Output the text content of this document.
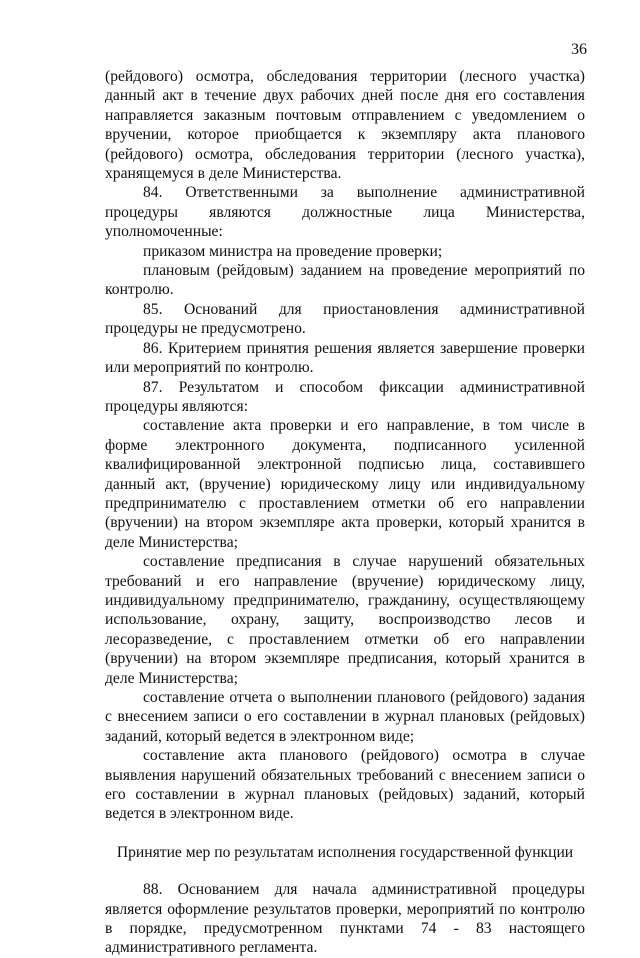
36

(рейдового) осмотра, обследования территории (лесного участка) данный акт в течение двух рабочих дней после дня его составления направляется заказным почтовым отправлением с уведомлением о вручении, которое приобщается к экземпляру акта планового (рейдового) осмотра, обследования территории (лесного участка), хранящемуся в деле Министерства.

84. Ответственными за выполнение административной процедуры являются должностные лица Министерства, уполномоченные:

приказом министра на проведение проверки;

плановым (рейдовым) заданием на проведение мероприятий по контролю.

85. Оснований для приостановления административной процедуры не предусмотрено.

86. Критерием принятия решения является завершение проверки или мероприятий по контролю.

87. Результатом и способом фиксации административной процедуры являются:

составление акта проверки и его направление, в том числе в форме электронного документа, подписанного усиленной квалифицированной электронной подписью лица, составившего данный акт, (вручение) юридическому лицу или индивидуальному предпринимателю с проставлением отметки об его направлении (вручении) на втором экземпляре акта проверки, который хранится в деле Министерства;

составление предписания в случае нарушений обязательных требований и его направление (вручение) юридическому лицу, индивидуальному предпринимателю, гражданину, осуществляющему использование, охрану, защиту, воспроизводство лесов и лесоразведение, с проставлением отметки об его направлении (вручении) на втором экземпляре предписания, который хранится в деле Министерства;

составление отчета о выполнении планового (рейдового) задания с внесением записи о его составлении в журнал плановых (рейдовых) заданий, который ведется в электронном виде;

составление акта планового (рейдового) осмотра в случае выявления нарушений обязательных требований с внесением записи о его составлении в журнал плановых (рейдовых) заданий, который ведется в электронном виде.

Принятие мер по результатам исполнения государственной функции

88. Основанием для начала административной процедуры является оформление результатов проверки, мероприятий по контролю в порядке, предусмотренном пунктами 74 - 83 настоящего административного регламента.
